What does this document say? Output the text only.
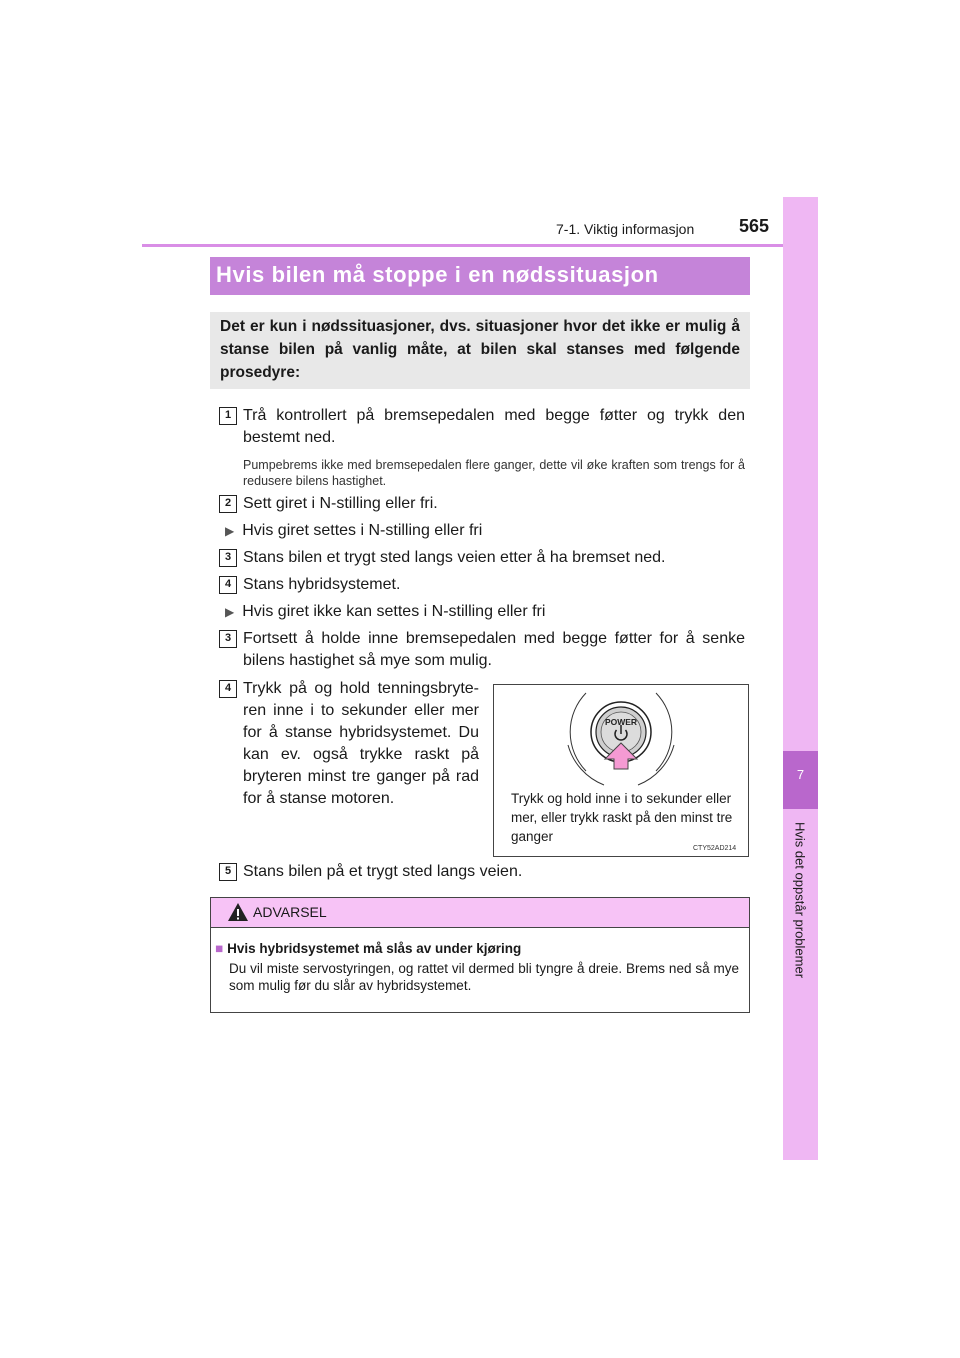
7-1. Viktig informasjon 565
7
Hvis det oppstår problemer
Hvis bilen må stoppe i en nødssituasjon
Det er kun i nødssituasjoner, dvs. situasjoner hvor det ikke er mulig å stanse bilen på vanlig måte, at bilen skal stanses med følgende prosedyre:
1 Trå kontrollert på bremsepedalen med begge føtter og trykk den bestemt ned.
Pumpebrems ikke med bremsepedalen flere ganger, dette vil øke kraften som trengs for å redusere bilens hastighet.
2 Sett giret i N-stilling eller fri.
▶ Hvis giret settes i N-stilling eller fri
3 Stans bilen et trygt sted langs veien etter å ha bremset ned.
4 Stans hybridsystemet.
▶ Hvis giret ikke kan settes i N-stilling eller fri
3 Fortsett å holde inne bremsepedalen med begge føtter for å senke bilens hastighet så mye som mulig.
4 Trykk på og hold tenningsbryte-ren inne i to sekunder eller mer for å stanse hybridsystemet. Du kan ev. også trykke raskt på bryteren minst tre ganger på rad for å stanse motoren.
POWER
Trykk og hold inne i to sekunder eller mer, eller trykk raskt på den minst tre ganger
CTY52AD214
5 Stans bilen på et trygt sted langs veien.
ADVARSEL
■ Hvis hybridsystemet må slås av under kjøring
Du vil miste servostyringen, og rattet vil dermed bli tyngre å dreie. Brems ned så mye som mulig før du slår av hybridsystemet.
